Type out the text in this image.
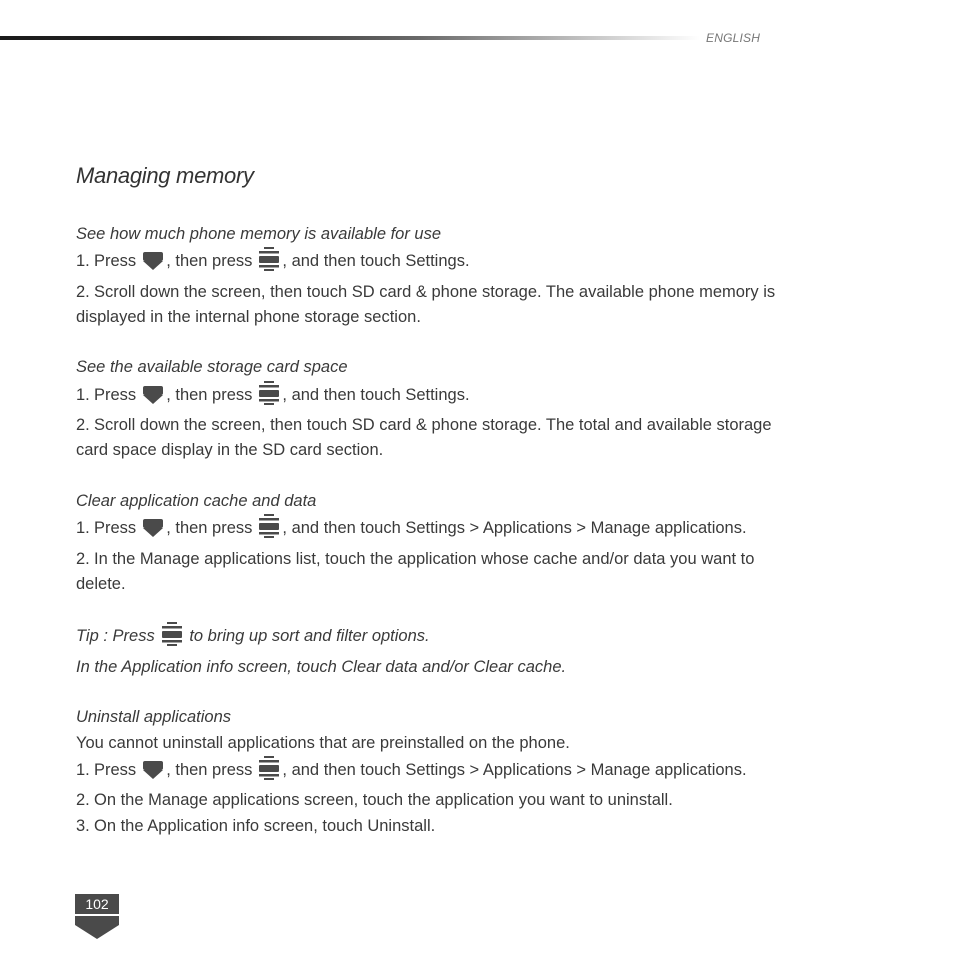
ENGLISH
Managing memory
See how much phone memory is available for use
1. Press , then press , and then touch Settings.
2. Scroll down the screen, then touch SD card & phone storage. The available phone memory is
displayed in the internal phone storage section.
See the available storage card space
1. Press , then press , and then touch Settings.
2. Scroll down the screen, then touch SD card & phone storage. The total and available storage
card space display in the SD card section.
Clear application cache and data
1. Press , then press , and then touch Settings > Applications > Manage applications.
2. In the Manage applications list, touch the application whose cache and/or data you want to
delete.
Tip : Press to bring up sort and filter options.
In the Application info screen, touch Clear data and/or Clear cache.
Uninstall applications
You cannot uninstall applications that are preinstalled on the phone.
1. Press , then press , and then touch Settings > Applications > Manage applications.
2. On the Manage applications screen, touch the application you want to uninstall.
3. On the Application info screen, touch Uninstall.
102
